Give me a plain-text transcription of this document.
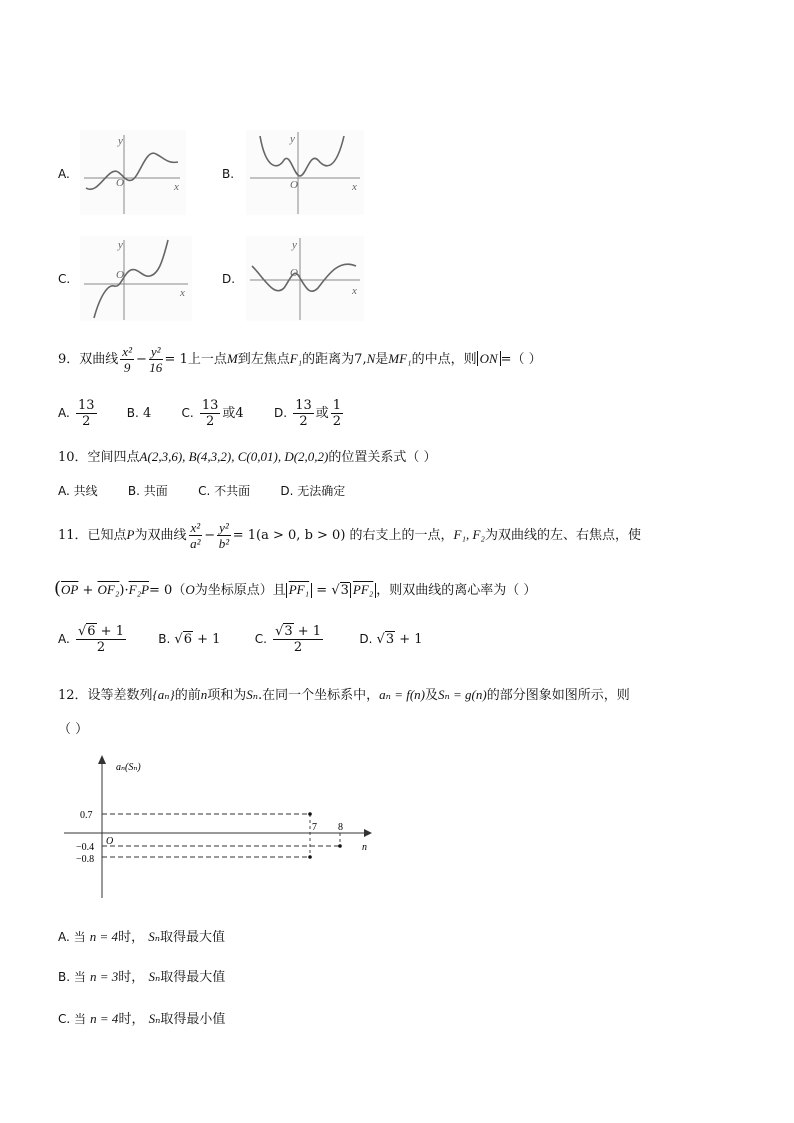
A.
y
x
O
B.
y
x
O
C.
y
x
O	D.
y
x
O
9．双曲线 $\frac{\text{x²}}{9} - \frac{\text{y²}}{16} = 1$上一点M到左焦点F₁的距离为7,N是MF₁的中点，则 ON =（ ）
A. $\frac{13}{2}$	B. 4	C. $\frac{13}{2}$ 或4	D. $\frac{13}{2}$ 或 $\frac{1}{2}$
10．空间四点A(2,3,6), B(4,3,2), C(0,01), D(2,0,2)的位置关系式（ ）
A. 共线	B. 共面	C. 不共面	D. 无法确定
11．已知点P为双曲线 $\frac{\text{x²}}{\text{a²}} - \frac{\text{y²}}{\text{b²}} = 1(a > 0$, b > 0) 的右支上的一点，F₁, F₂为双曲线的左、右焦点，使
$(\overline{OP} + OF_2)\cdot F_2P= 0(O$为坐标原点）且 PF₁ = √3 PF₂ ，则双曲线的离心率为（ ）
A. $\frac{√6 + 1}{2}$	B. √6 + 1	C. $\frac{√3 + 1}{2}$	D. √3 + 1
12．设等差数列{aₙ}的前n项和为Sₙ.在同一个坐标系中，aₙ = f(n)及Sₙ = g(n)的部分图象如图所示，则
（ ）
aₙ(Sₙ)
n
0.7
−0.4
−0.8
7 8
O
A. 当 n = 4时， Sₙ取得最大值
B. 当 n = 3时， Sₙ取得最大值
C. 当 n = 4时， Sₙ取得最小值
